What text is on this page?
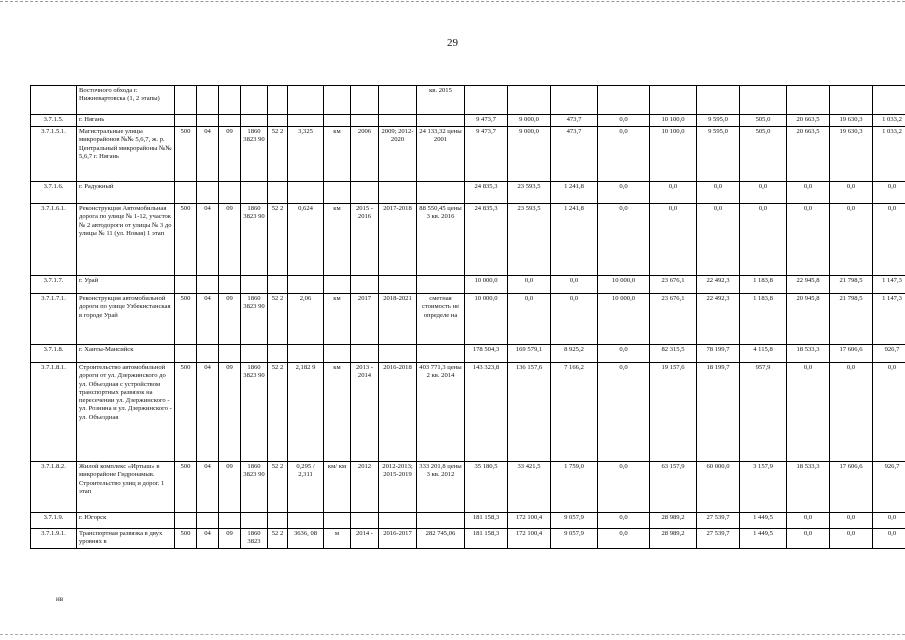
29
	Восточного обхода г. Нижневартовска (1, 2 этапы)										кв. 2015										
3.7.1.5.	г. Нягань											9 473,7	9 000,0	473,7	0,0	10 100,0	9 595,0	505,0	20 663,5	19 630,3	1 033,2
3.7.1.5.1.	Магистральные улицы микрорайонов №№ 5,6,7, ж. р. Центральный микрорайоны №№ 5,6,7 г. Нягань	500	04	09	1860 3823 90	52 2	3,325	км	2006	2009; 2012-2020	24 133,32 цены 2001	9 473,7	9 000,0	473,7	0,0	10 100,0	9 595,0	505,0	20 663,5	19 630,3	1 033,2
3.7.1.6.	г. Радужный											24 835,3	23 593,5	1 241,8	0,0	0,0	0,0	0,0	0,0	0,0	0,0
3.7.1.6.1.	Реконструкция Автомобильная дорога по улице № 1-12, участок № 2 автодороги от улицы № 3 до улицы № 11 (ул. Новая) 1 этап	500	04	09	1860 3823 90	52 2	0,624	км	2015 - 2016	2017-2018	88 550,45 цены 3 кв. 2016	24 835,3	23 593,5	1 241,8	0,0	0,0	0,0	0,0	0,0	0,0	0,0
3.7.1.7.	г. Урай											10 000,0	0,0	0,0	10 000,0	23 676,1	22 492,3	1 183,8	22 945,8	21 798,5	1 147,3
3.7.1.7.1.	Реконструкция автомобильной дороги по улице Узбекистанская в городе Урай	500	04	09	1860 3823 90	52 2	2,06	км	2017	2018-2021	сметная стоимость не определе на	10 000,0	0,0	0,0	10 000,0	23 676,1	22 492,3	1 183,8	20 945,8	21 798,5	1 147,3
3.7.1.8.	г. Ханты-Мансийск											178 504,3	169 579,1	8 925,2	0,0	82 315,5	78 199,7	4 115,8	18 533,3	17 606,6	926,7
3.7.1.8.1.	Строительство автомобильной дороги от ул. Дзержинского до ул. Объездная с устройством транспортных развязок на пересечении ул. Дзержинского - ул. Рознина и ул. Дзержинского - ул. Объездная	500	04	09	1860 3823 90	52 2	2,182 9	км	2013 - 2014	2016-2018	403 771,3 цены 2 кв. 2014	143 323,8	136 157,6	7 166,2	0,0	19 157,6	18 199,7	957,9	0,0	0,0	0,0
3.7.1.8.2.	Жилой комплекс «Иртыш» в микрорайоне Гидронамыв. Строительство улиц и дорог. 1 этап	500	04	09	1860 3823 90	52 2	0,295 / 2,311	км/ км	2012	2012-2013; 2015-2019	333 201,8 цены 3 кв. 2012	35 180,5	33 421,5	1 759,0	0,0	63 157,9	60 000,0	3 157,9	18 533,3	17 606,6	926,7
3.7.1.9.	г. Югорск											181 158,3	172 100,4	9 057,9	0,0	28 989,2	27 539,7	1 449,5	0,0	0,0	0,0
3.7.1.9.1.	Транспортная развязка в двух уровнях в	500	04	09	1860 3823	52 2	3636, 08	м	2014 -	2016-2017	282 745,06	181 158,3	172 100,4	9 057,9	0,0	28 989,2	27 539,7	1 449,5	0,0	0,0	0,0
нв
